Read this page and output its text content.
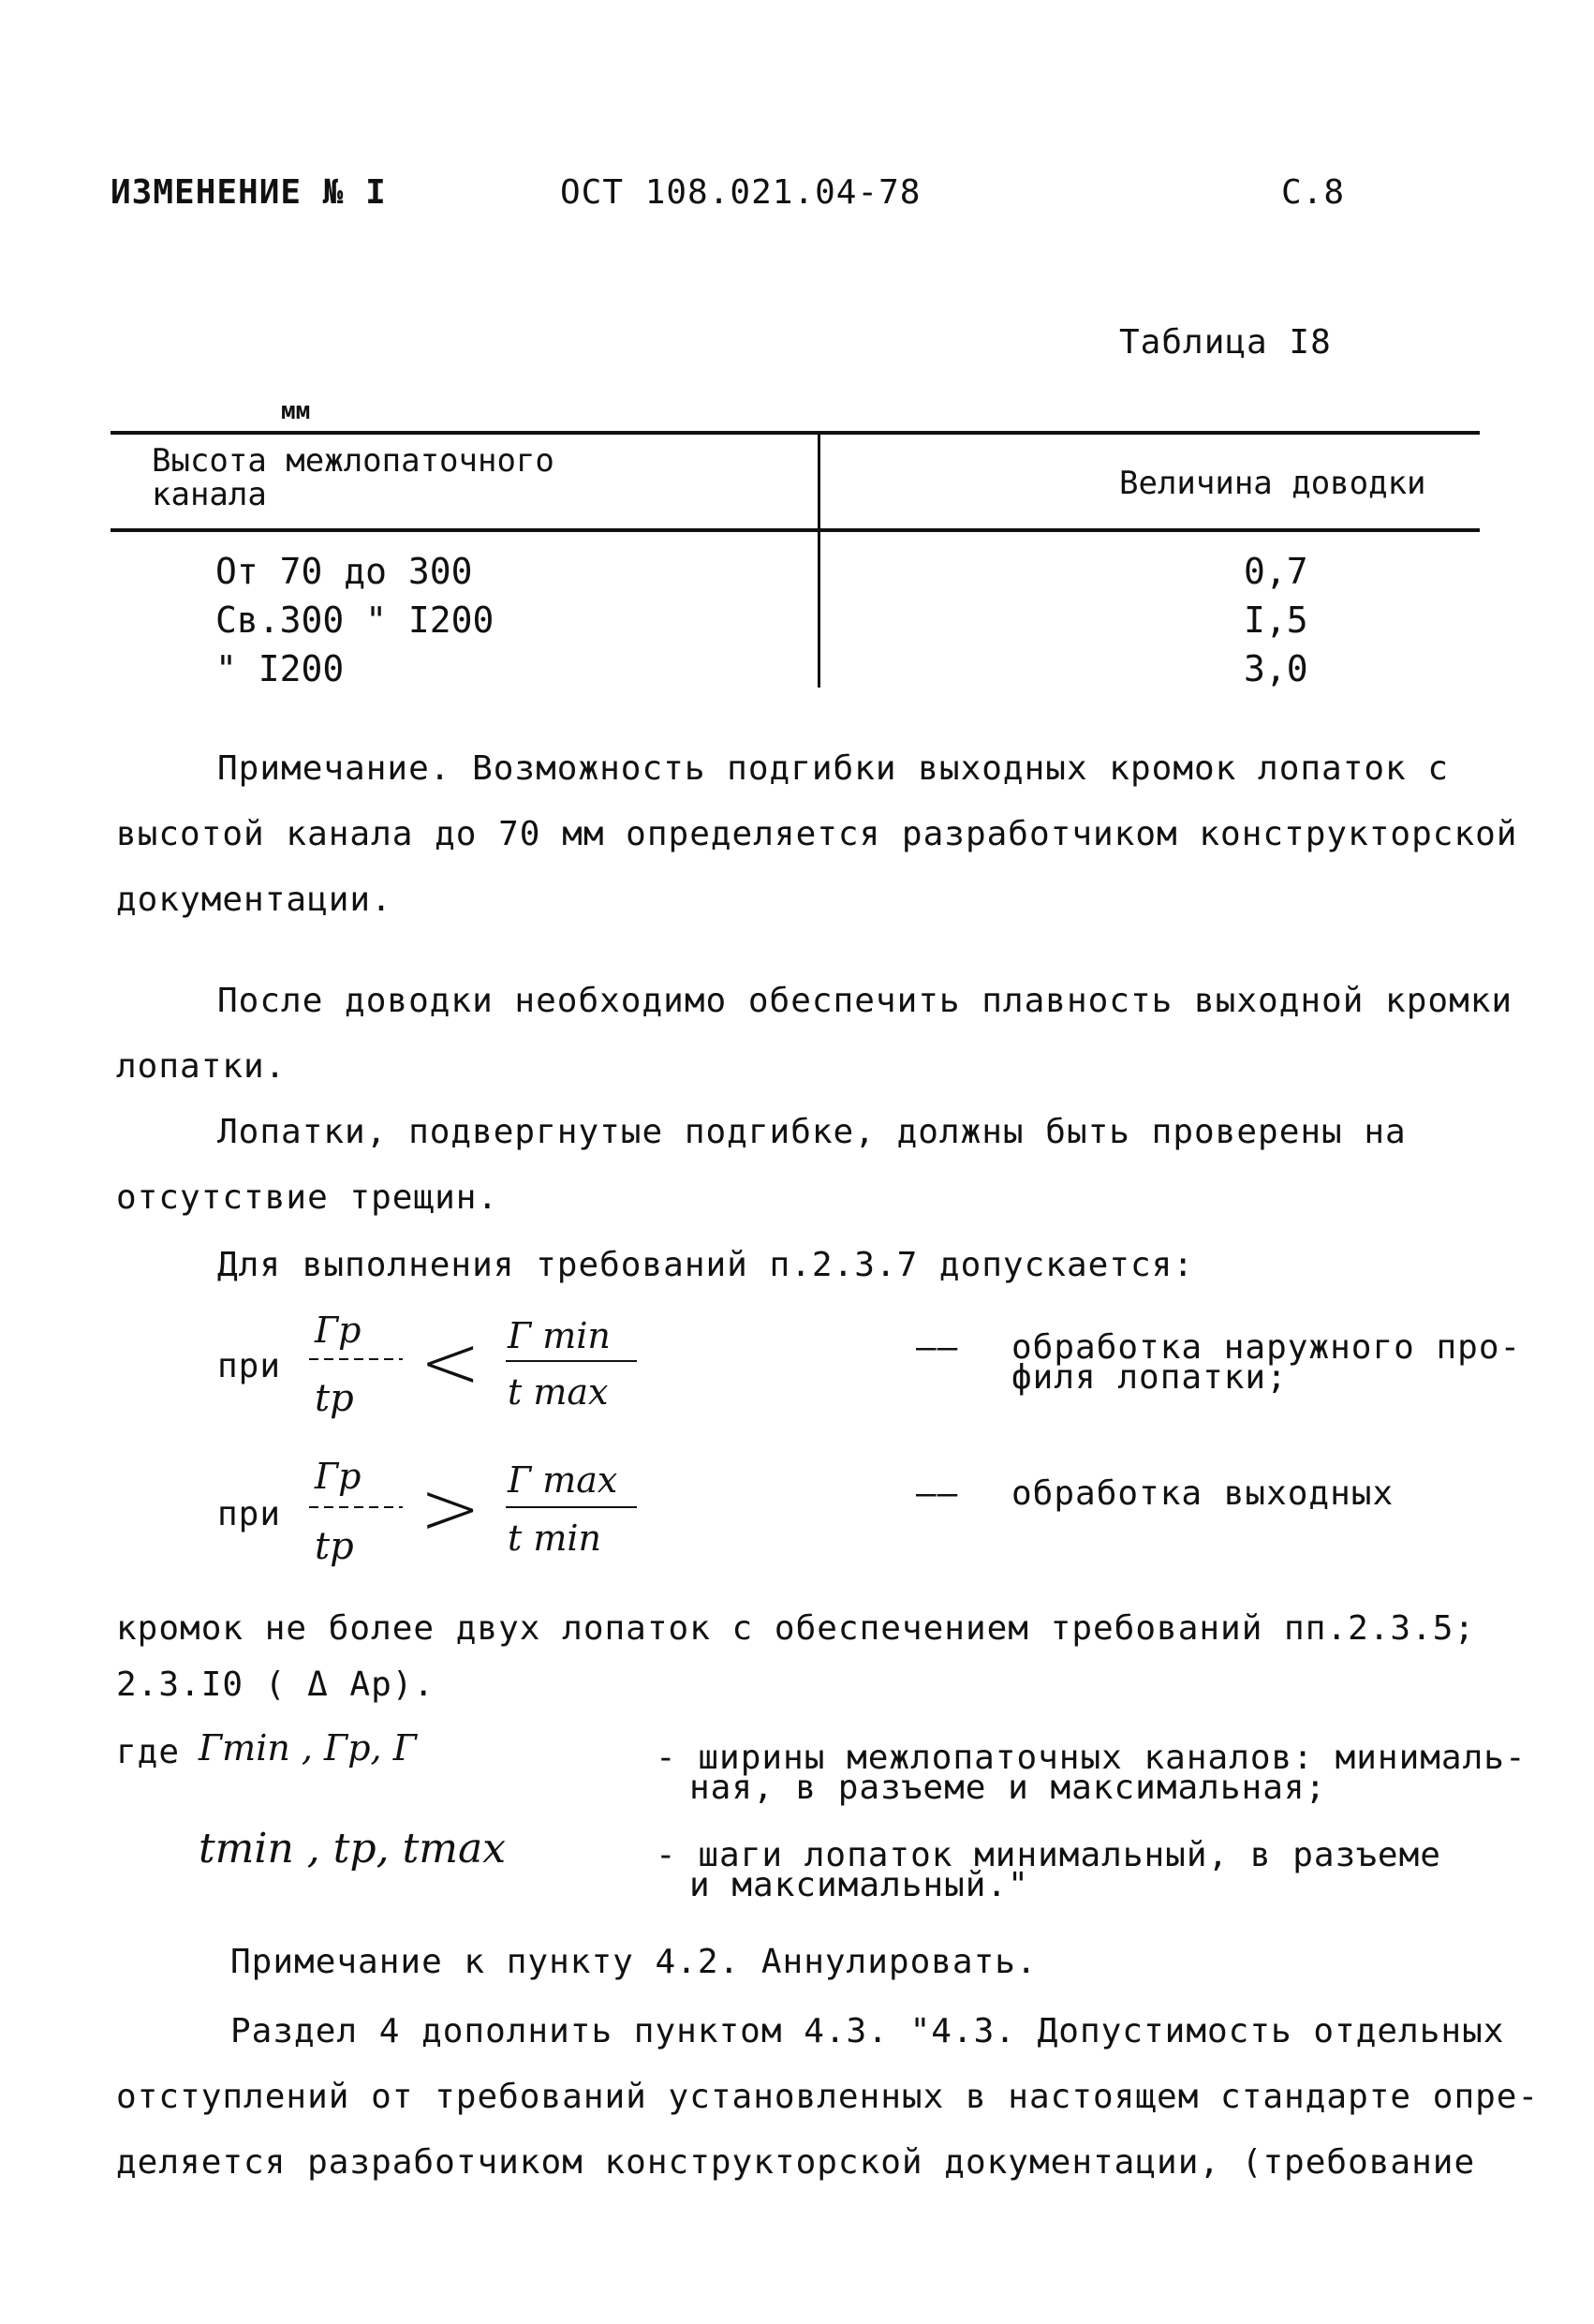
ИЗМЕНЕНИЕ № I	ОСТ 108.021.04-78	С.8
Таблица I8
мм
Высота межлопаточного канала	Величина доводки
От 70 до 300	0,7
Св.300 " I200	I,5
" I200	3,0
Примечание. Возможность подгибки выходных кромок лопаток с
высотой канала до 70 мм определяется разработчиком конструкторской
документации.
После доводки необходимо обеспечить плавность выходной кромки
лопатки.
Лопатки, подвергнутые подгибке, должны быть проверены на
отсутствие трещин.
Для выполнения требований п.2.3.7 допускается:
при
Гр
tр < Г min
t max
—— обработка наружного про-
филя лопатки;
при
Гр
tр > Г max
t min
—— обработка выходных
кромок не более двух лопаток с обеспечением требований пп.2.3.5;
2.3.I0 ( Δ Ар).
где Гmin , Гр, Г	- ширины межлопаточных каналов: минималь-
ная, в разъеме и максимальная;
tmin , tр, tmax	- шаги лопаток минимальный, в разъеме
и максимальный."
Примечание к пункту 4.2. Аннулировать.
Раздел 4 дополнить пунктом 4.3. "4.3. Допустимость отдельных
отступлений от требований установленных в настоящем стандарте опре-
деляется разработчиком конструкторской документации, (требование
